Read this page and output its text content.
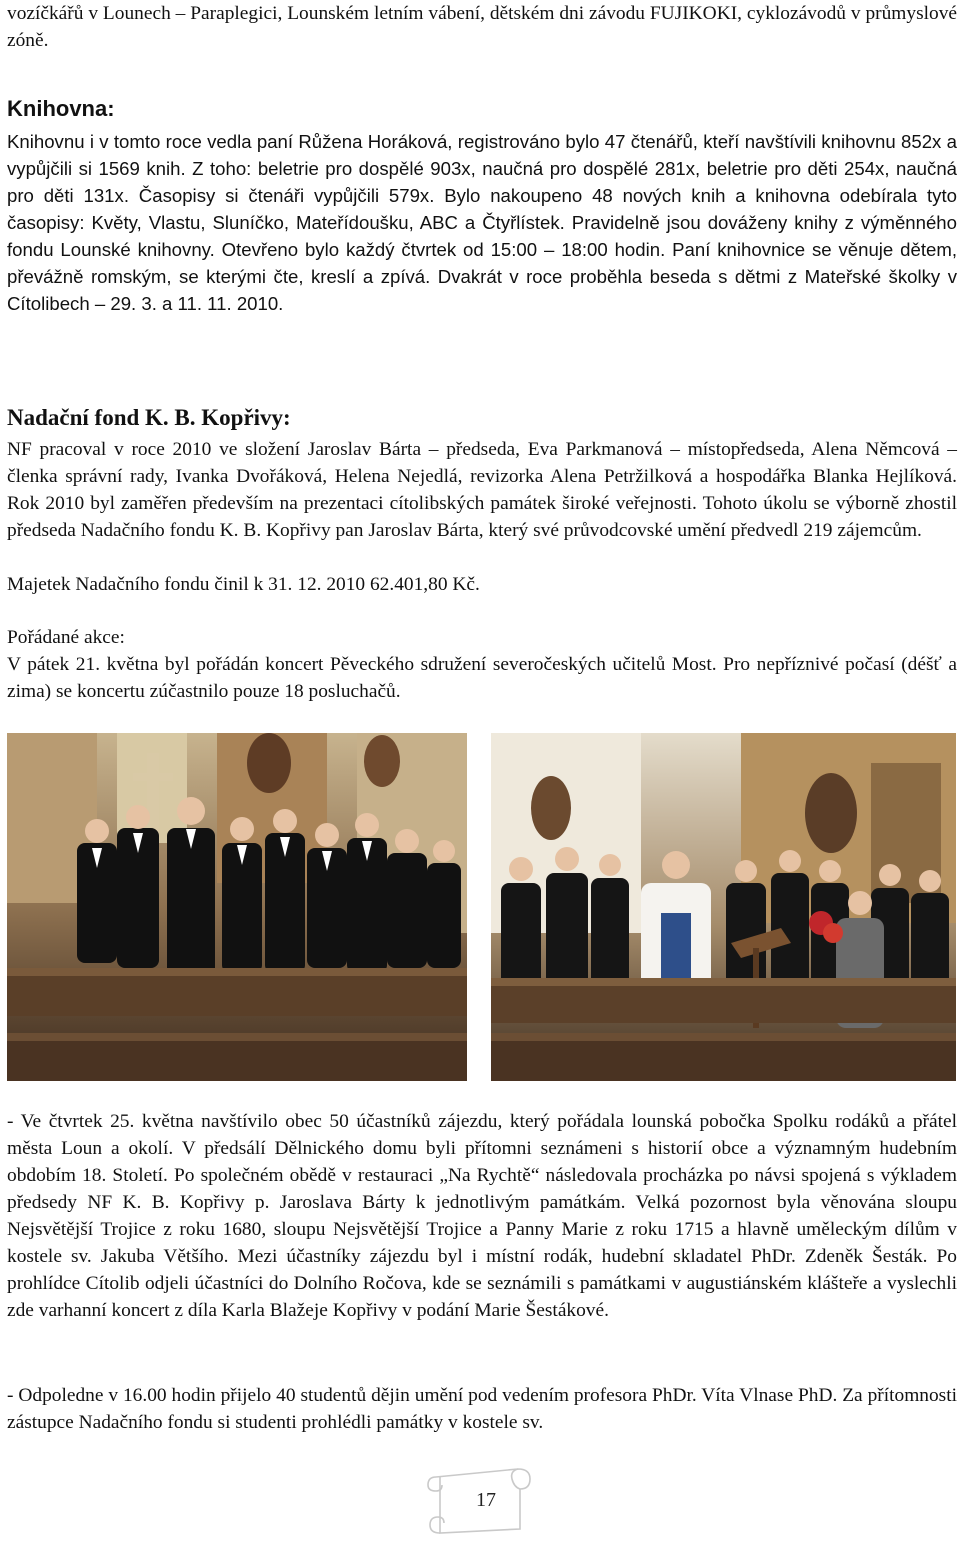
vozíčkářů v Lounech – Paraplegici, Lounském letním vábení, dětském dni závodu FUJIKOKI, cyklozávodů v průmyslové zóně.

Knihovna:

Knihovnu i v tomto roce vedla paní Růžena Horáková, registrováno bylo 47 čtenářů, kteří navštívili knihovnu 852x a vypůjčili si 1569 knih. Z toho: beletrie pro dospělé 903x, naučná pro dospělé 281x, beletrie pro děti 254x, naučná pro děti 131x. Časopisy si čtenáři vypůjčili 579x. Bylo nakoupeno 48 nových knih a knihovna odebírala tyto časopisy: Květy, Vlastu, Sluníčko, Mateřídoušku, ABC a Čtyřlístek. Pravidelně jsou dováženy knihy z výměnného fondu Lounské knihovny. Otevřeno bylo každý čtvrtek od 15:00 – 18:00 hodin. Paní knihovnice se věnuje dětem, převážně romským, se kterými čte, kreslí a zpívá. Dvakrát v roce proběhla beseda s dětmi z Mateřské školky v Cítolibech – 29. 3. a 11. 11. 2010.

Nadační fond K. B. Kopřivy:

NF pracoval v roce 2010 ve složení Jaroslav Bárta – předseda, Eva Parkmanová – místopředseda, Alena Němcová – členka správní rady, Ivanka Dvořáková, Helena Nejedlá, revizorka Alena Petržilková a hospodářka Blanka Hejlíková. Rok 2010 byl zaměřen především na prezentaci cítolibských památek široké veřejnosti. Tohoto úkolu se výborně zhostil předseda Nadačního fondu K. B. Kopřivy pan Jaroslav Bárta, který své průvodcovské umění předvedl 219 zájemcům.

Majetek Nadačního fondu činil k 31. 12. 2010 62.401,80 Kč.

Pořádané akce:

V pátek 21. května byl pořádán koncert Pěveckého sdružení severočeských učitelů Most. Pro nepříznivé počasí (déšť a zima) se koncertu zúčastnilo pouze 18 posluchačů.

- Ve čtvrtek 25. května navštívilo obec 50 účastníků zájezdu, který pořádala lounská pobočka Spolku rodáků a přátel města Loun a okolí. V předsálí Dělnického domu byli přítomni seznámeni s historií obce a významným hudebním obdobím 18. Století. Po společném obědě v restauraci „Na Rychtě“ následovala procházka po návsi spojená s výkladem předsedy NF K. B. Kopřivy p. Jaroslava Bárty k jednotlivým památkám. Velká pozornost byla věnována sloupu Nejsvětější Trojice z roku 1680, sloupu Nejsvětější Trojice a Panny Marie z roku 1715 a hlavně uměleckým dílům v kostele sv. Jakuba Většího. Mezi účastníky zájezdu byl i místní rodák, hudební skladatel PhDr. Zdeněk Šesták. Po prohlídce Cítolib odjeli účastníci do Dolního Ročova, kde se seznámili s památkami v augustiánském klášteře a vyslechli zde varhanní koncert z díla Karla Blažeje Kopřivy v podání Marie Šestákové.

- Odpoledne v 16.00 hodin přijelo 40 studentů dějin umění pod vedením profesora PhDr. Víta Vlnase PhD. Za přítomnosti zástupce Nadačního fondu si studenti prohlédli památky v kostele sv.

17
